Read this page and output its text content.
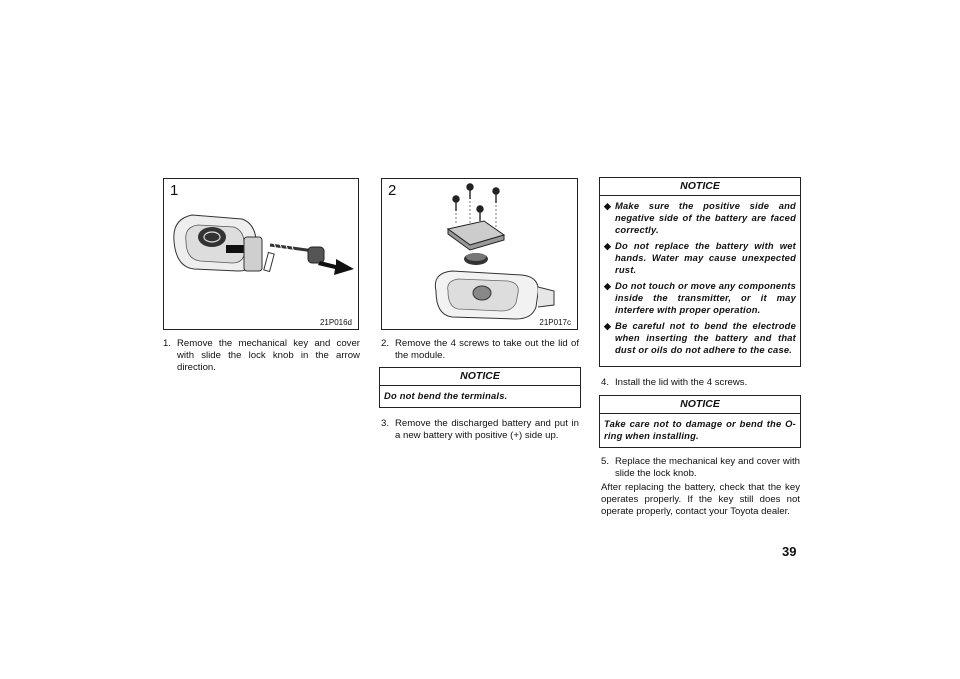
1
21P016d
2
21P017c
1. Remove the mechanical key and cover with slide the lock knob in the arrow direction.
2. Remove the 4 screws to take out the lid of the module.
NOTICE
Do not bend the terminals.
3. Remove the discharged battery and put in a new battery with positive (+) side up.
NOTICE
◆ Make sure the positive side and negative side of the battery are faced correctly.
◆ Do not replace the battery with wet hands. Water may cause unexpected rust.
◆ Do not touch or move any components inside the transmitter, or it may interfere with proper operation.
◆ Be careful not to bend the electrode when inserting the battery and that dust or oils do not adhere to the case.
4. Install the lid with the 4 screws.
NOTICE
Take care not to damage or bend the O-ring when installing.
5. Replace the mechanical key and cover with slide the lock knob.
After replacing the battery, check that the key operates properly. If the key still does not operate properly, contact your Toyota dealer.
39
